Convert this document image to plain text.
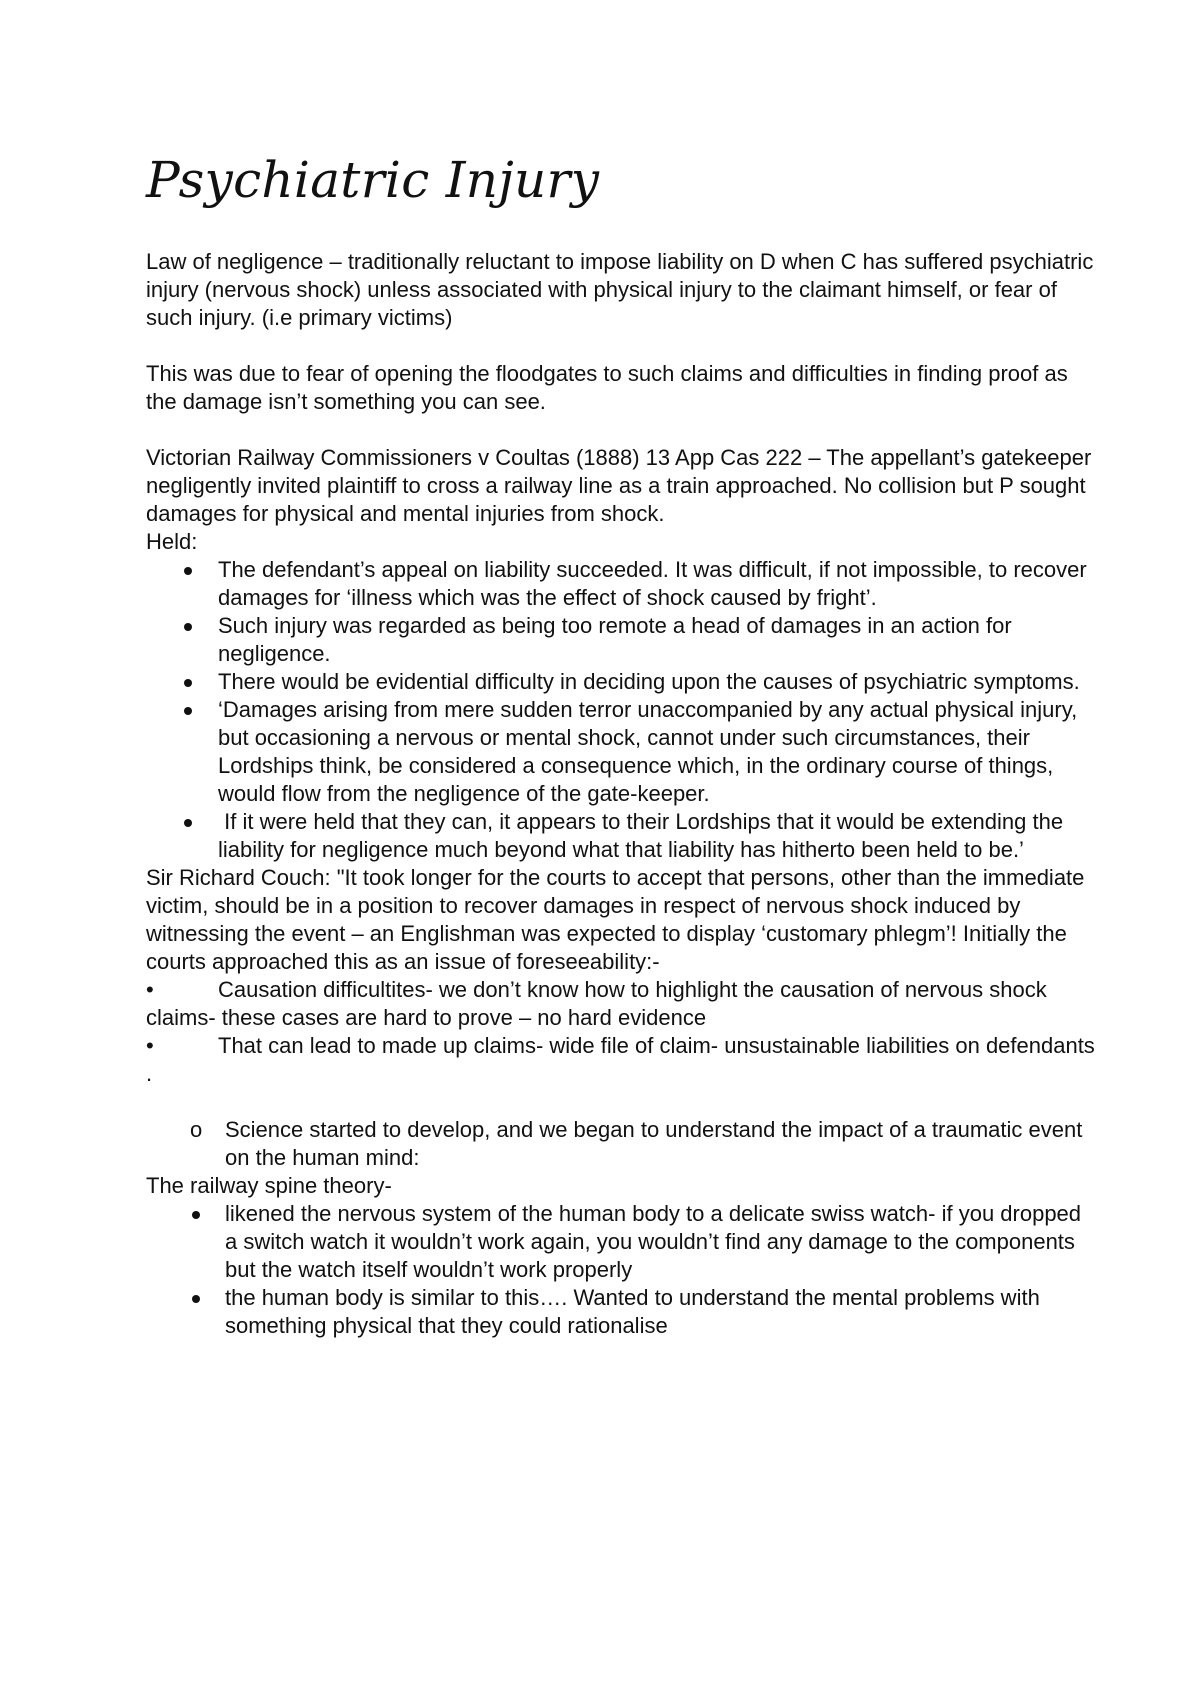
Psychiatric Injury

Law of negligence – traditionally reluctant to impose liability on D when C has suffered psychiatric injury (nervous shock) unless associated with physical injury to the claimant himself, or fear of such injury. (i.e primary victims)

This was due to fear of opening the floodgates to such claims and difficulties in finding proof as the damage isn’t something you can see.

Victorian Railway Commissioners v Coultas (1888) 13 App Cas 222 – The appellant’s gatekeeper negligently invited plaintiff to cross a railway line as a train approached. No collision but P sought damages for physical and mental injuries from shock.

Held:

The defendant’s appeal on liability succeeded. It was difficult, if not impossible, to recover damages for ‘illness which was the effect of shock caused by fright’.
Such injury was regarded as being too remote a head of damages in an action for negligence.
There would be evidential difficulty in deciding upon the causes of psychiatric symptoms.
‘Damages arising from mere sudden terror unaccompanied by any actual physical injury, but occasioning a nervous or mental shock, cannot under such circumstances, their Lordships think, be considered a consequence which, in the ordinary course of things, would flow from the negligence of the gate-keeper.
If it were held that they can, it appears to their Lordships that it would be extending the liability for negligence much beyond what that liability has hitherto been held to be.’

Sir Richard Couch: "It took longer for the courts to accept that persons, other than the immediate victim, should be in a position to recover damages in respect of nervous shock induced by witnessing the event – an Englishman was expected to display ‘customary phlegm’! Initially the courts approached this as an issue of foreseeability:-

•	Causation difficultites- we don’t know how to highlight the causation of nervous shock claims- these cases are hard to prove – no hard evidence

•	That can lead to made up claims- wide file of claim- unsustainable liabilities on defendants .

o Science started to develop, and we began to understand the impact of a traumatic event on the human mind:

The railway spine theory-

likened the nervous system of the human body to a delicate swiss watch- if you dropped a switch watch it wouldn’t work again, you wouldn’t find any damage to the components but the watch itself wouldn’t work properly
the human body is similar to this…. Wanted to understand the mental problems with something physical that they could rationalise
